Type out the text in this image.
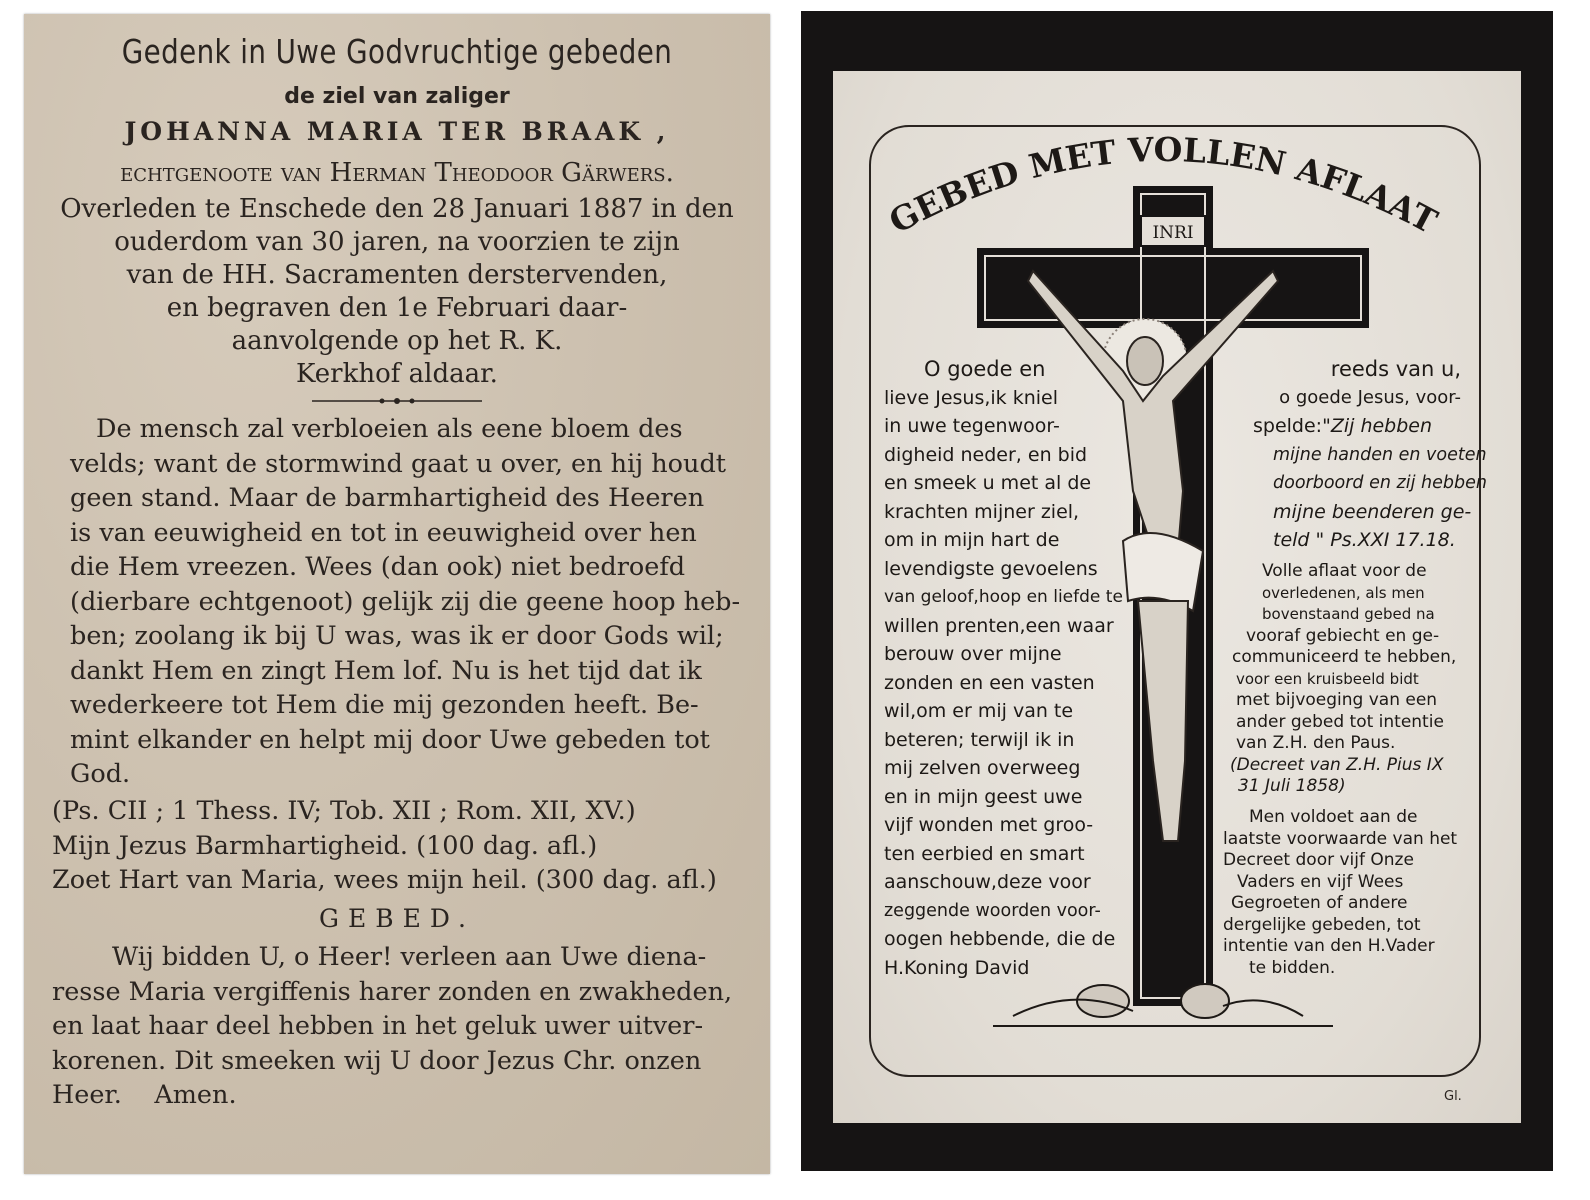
Gedenk in Uwe Godvruchtige gebeden
de ziel van zaliger
JOHANNA MARIA TER BRAAK ,
echtgenoote van Herman Theodoor Gärwers.
Overleden te Enschede den 28 Januari 1887 in den
ouderdom van 30 jaren, na voorzien te zijn
van de HH. Sacramenten derstervenden,
en begraven den 1e Februari daar-
aanvolgende op het R. K.
Kerkhof aldaar.
De mensch zal verbloeien als eene bloem des
velds; want de stormwind gaat u over, en hij houdt
geen stand. Maar de barmhartigheid des Heeren
is van eeuwigheid en tot in eeuwigheid over hen
die Hem vreezen. Wees (dan ook) niet bedroefd
(dierbare echtgenoot) gelijk zij die geene hoop heb-
ben; zoolang ik bij U was, was ik er door Gods wil;
dankt Hem en zingt Hem lof. Nu is het tijd dat ik
wederkeere tot Hem die mij gezonden heeft. Be-
mint elkander en helpt mij door Uwe gebeden tot
God.
(Ps. CII ; 1 Thess. IV; Tob. XII ; Rom. XII, XV.)
Mijn Jezus Barmhartigheid. (100 dag. afl.)
Zoet Hart van Maria, wees mijn heil. (300 dag. afl.)
GEBED.
Wij bidden U, o Heer! verleen aan Uwe diena-
resse Maria vergiffenis harer zonden en zwakheden,
en laat haar deel hebben in het geluk uwer uitver-
korenen. Dit smeeken wij U door Jezus Chr. onzen
Heer.    Amen.
GEBED MET VOLLEN AFLAAT
INRI
O goede en
lieve Jesus,ik kniel
in uwe tegenwoor-
digheid neder, en bid
en smeek u met al de
krachten mijner ziel,
om in mijn hart de
levendigste gevoelens
van geloof,hoop en liefde te
willen prenten,een waar
berouw over mijne
zonden en een vasten
wil,om er mij van te
beteren; terwijl ik in
mij zelven overweeg
en in mijn geest uwe
vijf wonden met groo-
ten eerbied en smart
aanschouw,deze voor
zeggende woorden voor-
oogen hebbende, die de
H.Koning David
reeds van u,
o goede Jesus, voor-
spelde:"Zij hebben
mijne handen en voeten
doorboord en zij hebben
mijne beenderen ge-
teld " Ps.XXI 17.18.
Volle aflaat voor de
overledenen, als men
bovenstaand gebed na
vooraf gebiecht en ge-
communiceerd te hebben,
voor een kruisbeeld bidt
met bijvoeging van een
ander gebed tot intentie
van Z.H. den Paus.
(Decreet van Z.H. Pius IX
31 Juli 1858)
Men voldoet aan de
laatste voorwaarde van het
Decreet door vijf Onze
Vaders en vijf Wees
Gegroeten of andere
dergelijke gebeden, tot
intentie van den H.Vader
te bidden.
Gl.
